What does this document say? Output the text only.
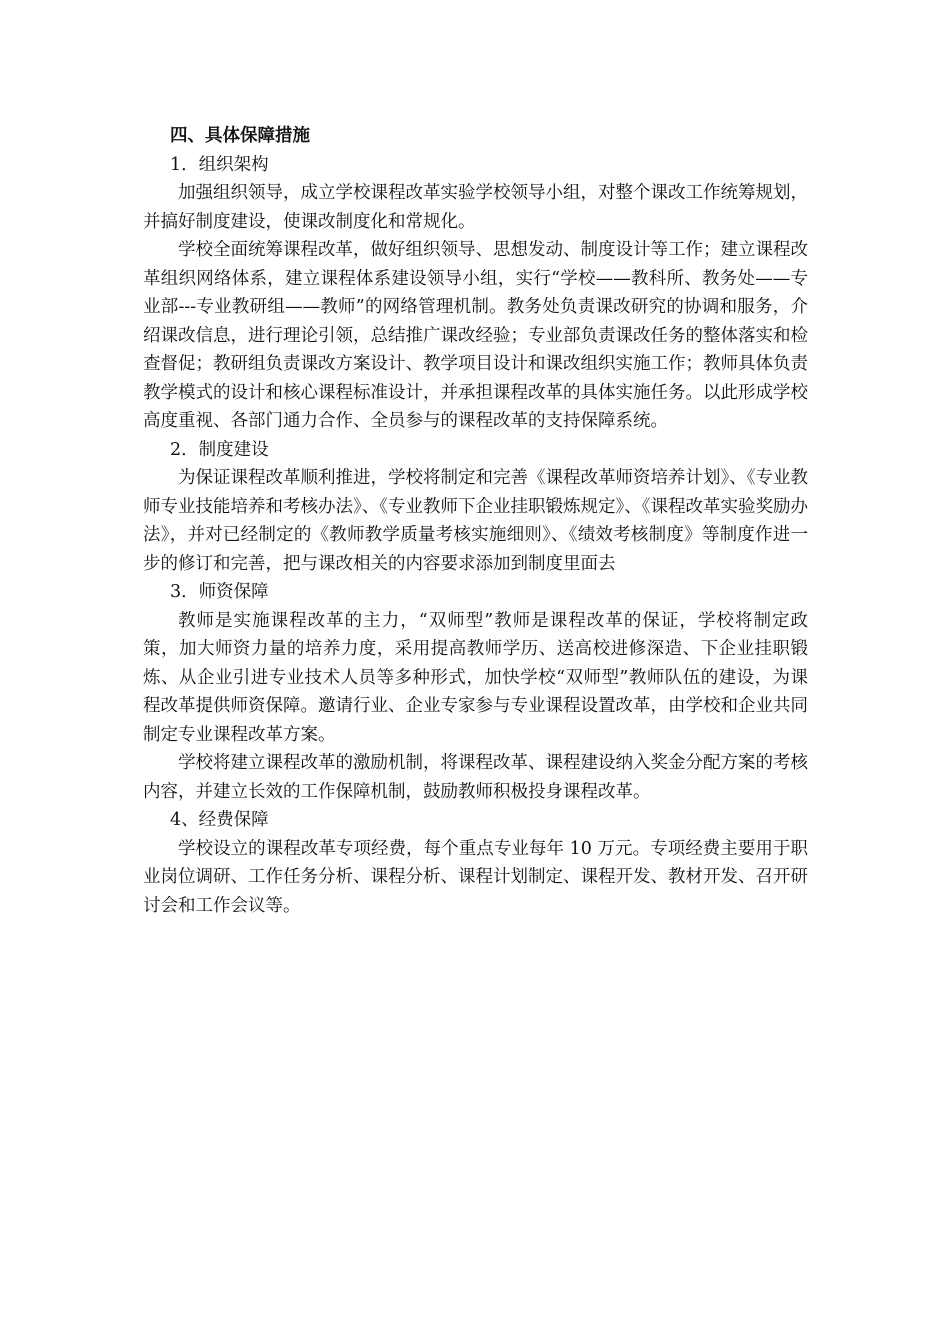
四、具体保障措施

1．组织架构

加强组织领导，成立学校课程改革实验学校领导小组，对整个课改工作统筹规划，并搞好制度建设，使课改制度化和常规化。

学校全面统筹课程改革，做好组织领导、思想发动、制度设计等工作；建立课程改革组织网络体系，建立课程体系建设领导小组，实行“学校——教科所、教务处——专业部---专业教研组——教师”的网络管理机制。教务处负责课改研究的协调和服务，介绍课改信息，进行理论引领，总结推广课改经验；专业部负责课改任务的整体落实和检查督促；教研组负责课改方案设计、教学项目设计和课改组织实施工作；教师具体负责教学模式的设计和核心课程标准设计，并承担课程改革的具体实施任务。以此形成学校高度重视、各部门通力合作、全员参与的课程改革的支持保障系统。

2．制度建设

为保证课程改革顺利推进，学校将制定和完善《课程改革师资培养计划》、《专业教师专业技能培养和考核办法》、《专业教师下企业挂职锻炼规定》、《课程改革实验奖励办法》，并对已经制定的《教师教学质量考核实施细则》、《绩效考核制度》等制度作进一步的修订和完善，把与课改相关的内容要求添加到制度里面去

3．师资保障

教师是实施课程改革的主力，“双师型”教师是课程改革的保证，学校将制定政策，加大师资力量的培养力度，采用提高教师学历、送高校进修深造、下企业挂职锻炼、从企业引进专业技术人员等多种形式，加快学校“双师型”教师队伍的建设，为课程改革提供师资保障。邀请行业、企业专家参与专业课程设置改革，由学校和企业共同制定专业课程改革方案。

学校将建立课程改革的激励机制，将课程改革、课程建设纳入奖金分配方案的考核内容，并建立长效的工作保障机制，鼓励教师积极投身课程改革。

4、经费保障

学校设立的课程改革专项经费，每个重点专业每年 10 万元。专项经费主要用于职业岗位调研、工作任务分析、课程分析、课程计划制定、课程开发、教材开发、召开研讨会和工作会议等。
